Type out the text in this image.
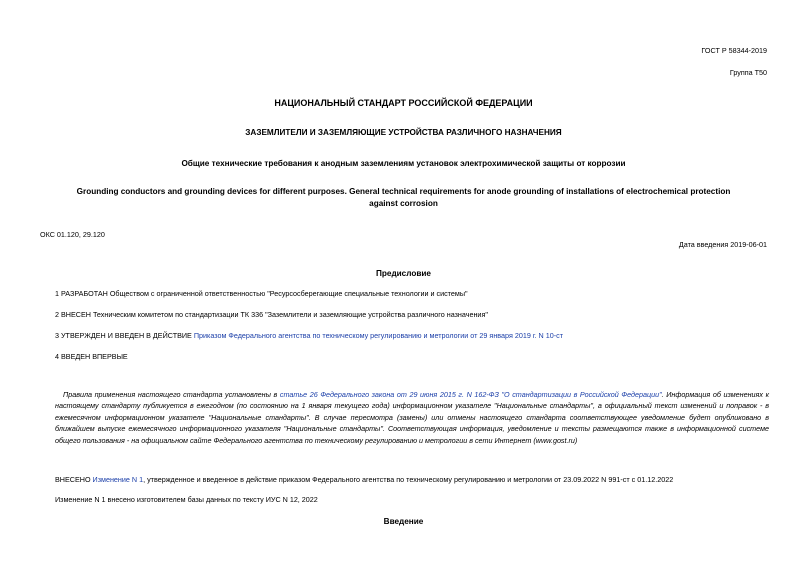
ГОСТ Р 58344-2019
Группа Т50
НАЦИОНАЛЬНЫЙ СТАНДАРТ РОССИЙСКОЙ ФЕДЕРАЦИИ
ЗАЗЕМЛИТЕЛИ И ЗАЗЕМЛЯЮЩИЕ УСТРОЙСТВА РАЗЛИЧНОГО НАЗНАЧЕНИЯ
Общие технические требования к анодным заземлениям установок электрохимической защиты от коррозии
Grounding conductors and grounding devices for different purposes. General technical requirements for anode grounding of installations of electrochemical protection
against corrosion
ОКС 01.120, 29.120
Дата введения 2019-06-01
Предисловие
1 РАЗРАБОТАН Обществом с ограниченной ответственностью "Ресурсосберегающие специальные технологии и системы"
2 ВНЕСЕН Техническим комитетом по стандартизации ТК 336 "Заземлители и заземляющие устройства различного назначения"
3 УТВЕРЖДЕН И ВВЕДЕН В ДЕЙСТВИЕ Приказом Федерального агентства по техническому регулированию и метрологии от 29 января 2019 г. N 10-ст
4 ВВЕДЕН ВПЕРВЫЕ
Правила применения настоящего стандарта установлены в статье 26 Федерального закона от 29 июня 2015 г. N 162-ФЗ "О стандартизации в Российской Федерации". Информация об изменениях к настоящему стандарту публикуется в ежегодном (по состоянию на 1 января текущего года) информационном указателе "Национальные стандарты", а официальный текст изменений и поправок - в ежемесячном информационном указателе "Национальные стандарты". В случае пересмотра (замены) или отмены настоящего стандарта соответствующее уведомление будет опубликовано в ближайшем выпуске ежемесячного информационного указателя "Национальные стандарты". Соответствующая информация, уведомление и тексты размещаются также в информационной системе общего пользования - на официальном сайте Федерального агентства по техническому регулированию и метрологии в сети Интернет (www.gost.ru)
ВНЕСЕНО Изменение N 1, утвержденное и введенное в действие приказом Федерального агентства по техническому регулированию и метрологии от 23.09.2022 N 991-ст с 01.12.2022
Изменение N 1 внесено изготовителем базы данных по тексту ИУС N 12, 2022
Введение
